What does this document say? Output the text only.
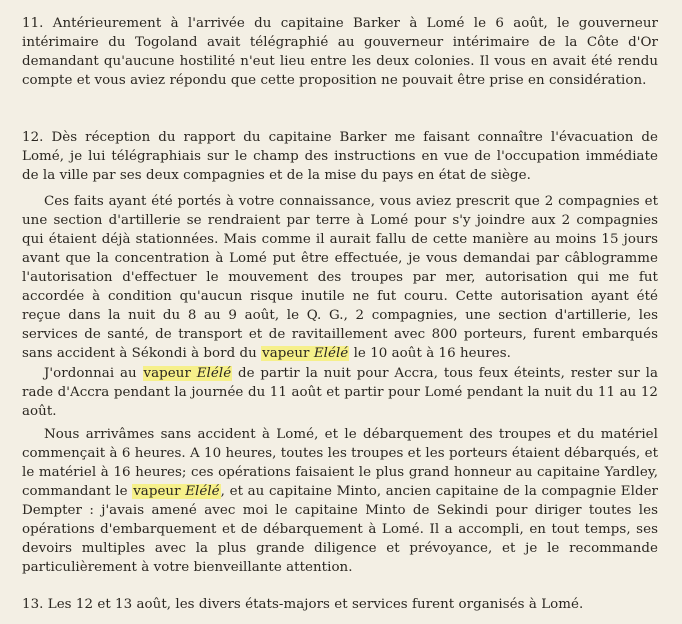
11. Antérieurement à l'arrivée du capitaine Barker à Lomé le 6 août, le gouverneur intérimaire du Togoland avait télégraphié au gouverneur intérimaire de la Côte d'Or demandant qu'aucune hostilité n'eut lieu entre les deux colonies. Il vous en avait été rendu compte et vous aviez répondu que cette proposition ne pouvait être prise en considération.
12. Dès réception du rapport du capitaine Barker me faisant connaître l'évacuation de Lomé, je lui télégraphiais sur le champ des instructions en vue de l'occupation immédiate de la ville par ses deux compagnies et de la mise du pays en état de siège.
Ces faits ayant été portés à votre connaissance, vous aviez prescrit que 2 compagnies et une section d'artillerie se rendraient par terre à Lomé pour s'y joindre aux 2 compagnies qui étaient déjà stationnées. Mais comme il aurait fallu de cette manière au moins 15 jours avant que la concentration à Lomé put être effectuée, je vous demandai par câblogramme l'autorisation d'effectuer le mouvement des troupes par mer, autorisation qui me fut accordée à condition qu'aucun risque inutile ne fut couru. Cette autorisation ayant été reçue dans la nuit du 8 au 9 août, le Q. G., 2 compagnies, une section d'artillerie, les services de santé, de transport et de ravitaillement avec 800 porteurs, furent embarqués sans accident à Sékondi à bord du vapeur Elélé le 10 août à 16 heures.
J'ordonnai au vapeur Elélé de partir la nuit pour Accra, tous feux éteints, rester sur la rade d'Accra pendant la journée du 11 août et partir pour Lomé pendant la nuit du 11 au 12 août.
Nous arrivâmes sans accident à Lomé, et le débarquement des troupes et du matériel commençait à 6 heures. A 10 heures, toutes les troupes et les porteurs étaient débarqués, et le matériel à 16 heures; ces opérations faisaient le plus grand honneur au capitaine Yardley, commandant le vapeur Elélé, et au capitaine Minto, ancien capitaine de la compagnie Elder Dempter : j'avais amené avec moi le capitaine Minto de Sekindi pour diriger toutes les opérations d'embarquement et de débarquement à Lomé. Il a accompli, en tout temps, ses devoirs multiples avec la plus grande diligence et prévoyance, et je le recommande particulièrement à votre bienveillante attention.
13. Les 12 et 13 août, les divers états-majors et services furent organisés à Lomé.
